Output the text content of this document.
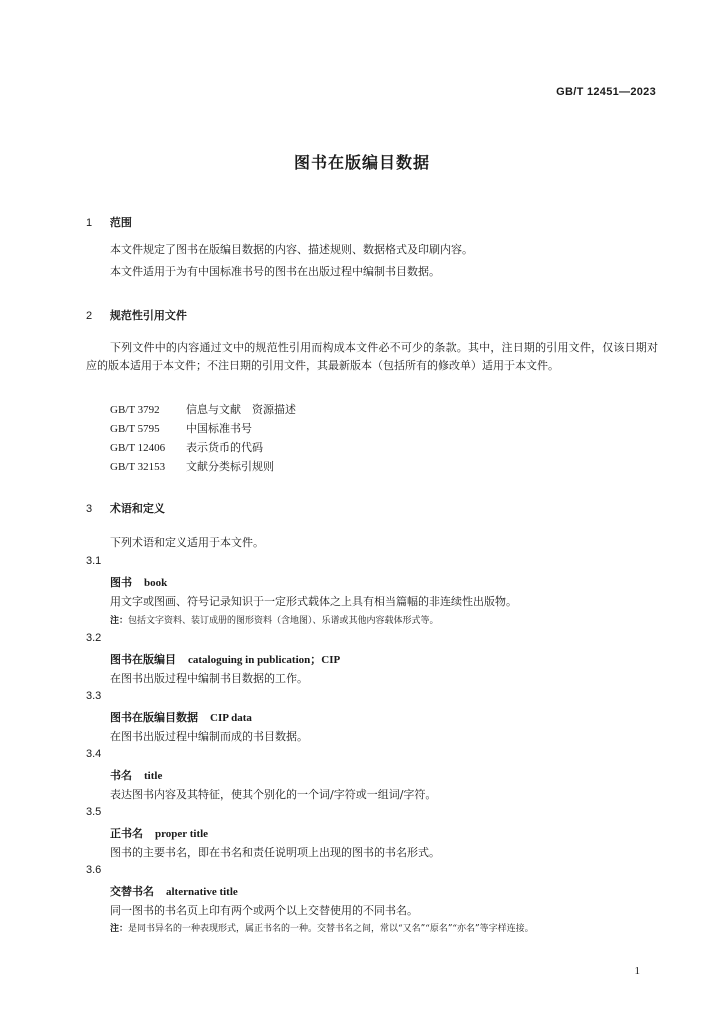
GB/T 12451—2023
图书在版编目数据
1 范围
本文件规定了图书在版编目数据的内容、描述规则、数据格式及印刷内容。
本文件适用于为有中国标准书号的图书在出版过程中编制书目数据。
2 规范性引用文件
下列文件中的内容通过文中的规范性引用而构成本文件必不可少的条款。其中，注日期的引用文件，仅该日期对应的版本适用于本文件；不注日期的引用文件，其最新版本（包括所有的修改单）适用于本文件。
GB/T 3792 信息与文献　资源描述
GB/T 5795 中国标准书号
GB/T 12406 表示货币的代码
GB/T 32153 文献分类标引规则
3 术语和定义
下列术语和定义适用于本文件。
3.1
图书 book
用文字或图画、符号记录知识于一定形式载体之上具有相当篇幅的非连续性出版物。
注：包括文字资料、装订成册的图形资料（含地图）、乐谱或其他内容载体形式等。
3.2
图书在版编目 cataloguing in publication；CIP
在图书出版过程中编制书目数据的工作。
3.3
图书在版编目数据 CIP data
在图书出版过程中编制而成的书目数据。
3.4
书名 title
表达图书内容及其特征，使其个别化的一个词/字符或一组词/字符。
3.5
正书名 proper title
图书的主要书名，即在书名和责任说明项上出现的图书的书名形式。
3.6
交替书名 alternative title
同一图书的书名页上印有两个或两个以上交替使用的不同书名。
注：是同书异名的一种表现形式，属正书名的一种。交替书名之间，常以“又名”“原名”“亦名”等字样连接。
1
